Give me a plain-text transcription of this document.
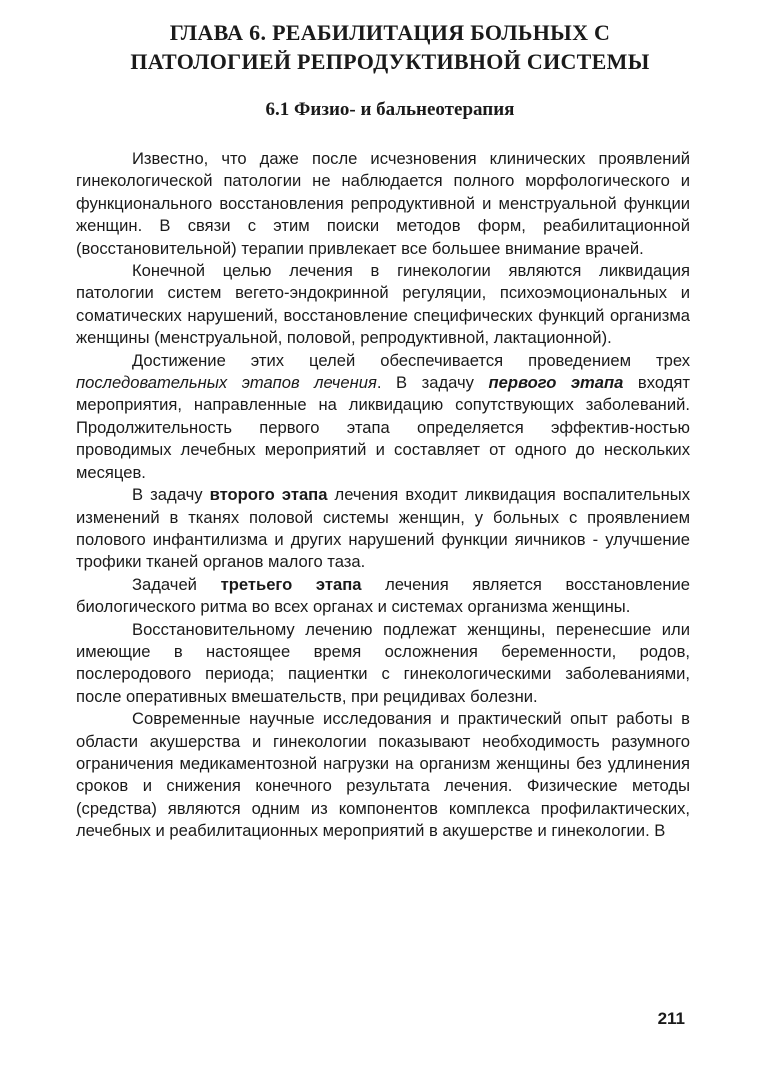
ГЛАВА 6. РЕАБИЛИТАЦИЯ БОЛЬНЫХ С
ПАТОЛОГИЕЙ РЕПРОДУКТИВНОЙ СИСТЕМЫ
6.1 Физио- и бальнеотерапия

Известно, что даже после исчезновения клинических проявлений гинекологической патологии не наблюдается полного морфологического и функционального восстановления репродуктивной и менструальной функции женщин. В связи с этим поиски методов форм, реабилитационной (восстановительной) терапии привлекает все большее внимание врачей.

Конечной целью лечения в гинекологии являются ликвидация патологии систем вегето-эндокринной регуляции, психоэмоциональных и соматических нарушений, восстановление специфических функций организма женщины (менструальной, половой, репродуктивной, лактационной).

Достижение этих целей обеспечивается проведением трех последовательных этапов лечения. В задачу первого этапа входят мероприятия, направленные на ликвидацию сопутствующих заболеваний. Продолжительность первого этапа определяется эффектив-ностью проводимых лечебных мероприятий и составляет от одного до нескольких месяцев.

В задачу второго этапа лечения входит ликвидация воспалительных изменений в тканях половой системы женщин, у больных с проявлением полового инфантилизма и других нарушений функции яичников - улучшение трофики тканей органов малого таза.

Задачей третьего этапа лечения является восстановление биологического ритма во всех органах и системах организма женщины.

Восстановительному лечению подлежат женщины, перенесшие или имеющие в настоящее время осложнения беременности, родов, послеродового периода; пациентки с гинекологическими заболеваниями, после оперативных вмешательств, при рецидивах болезни.

Современные научные исследования и практический опыт работы в области акушерства и гинекологии показывают необходимость разумного ограничения медикаментозной нагрузки на организм женщины без удлинения сроков и снижения конечного результата лечения. Физические методы (средства) являются одним из компонентов комплекса профилактических, лечебных и реабилитационных мероприятий в акушерстве и гинекологии. В

211
